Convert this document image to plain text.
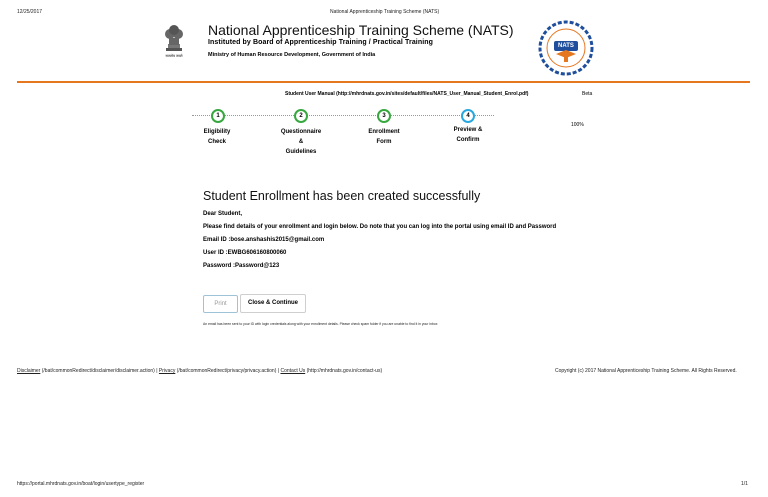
12/25/2017	National Apprenticeship Training Scheme (NATS)
सत्यमेव जयते
National Apprenticeship Training Scheme (NATS)
Instituted by Board of Apprenticeship Training / Practical Training
Ministry of Human Resource Development, Government of India
NATS
Student User Manual (http://mhrdnats.gov.in/sites/default/files/NATS_User_Manual_Student_Enrol.pdf)	Beta
1
Eligibility
Check
2
Questionnaire
&
Guidelines
3
Enrollment
Form
4
Preview &
Confirm
100%
Student Enrollment has been created successfully
Dear Student,
Please find details of your enrollment and login below. Do note that you can log into the portal using email ID and Password
Email ID :bose.anshashis2015@gmail.com
User ID :EWBG606160800060
Password :Password@123
Print	Close & Continue
An email has been sent to your ID with login credentials along with your enrollment details. Please check spam folder if you are unable to find it in your inbox
Disclaimer (/bat/commonRedirect/disclaimer/disclaimer.action) | Privacy (/bat/commonRedirect/privacy/privacy.action) | Contact Us (http://mhrdnats.gov.in/contact-us)	Copyright (c) 2017 National Apprenticeship Training Scheme. All Rights Reserved.
https://portal.mhrdnats.gov.in/boat/login/usertype_register	1/1
